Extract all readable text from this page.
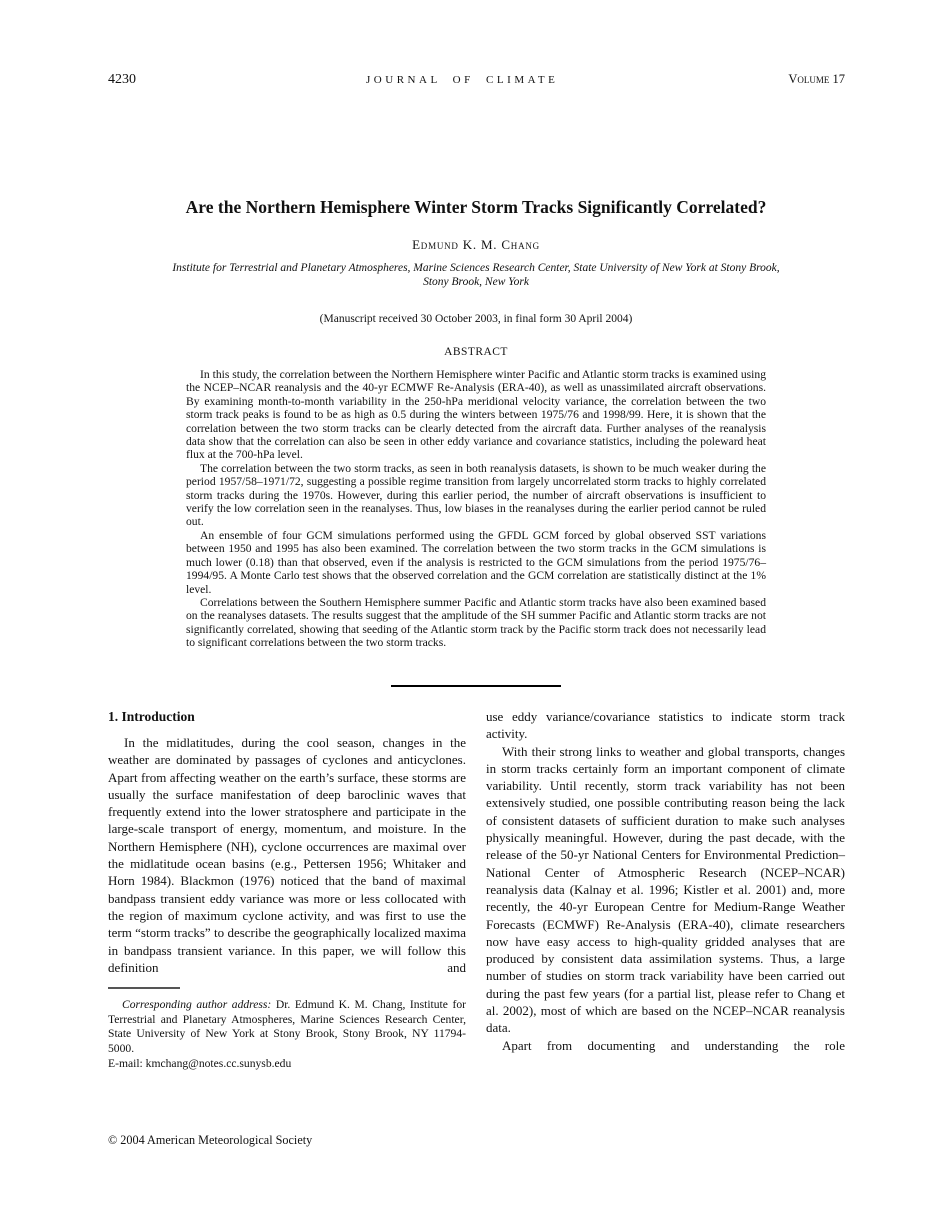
4230	JOURNAL OF CLIMATE	Volume 17
Are the Northern Hemisphere Winter Storm Tracks Significantly Correlated?
Edmund K. M. Chang
Institute for Terrestrial and Planetary Atmospheres, Marine Sciences Research Center, State University of New York at Stony Brook,
Stony Brook, New York
(Manuscript received 30 October 2003, in final form 30 April 2004)
ABSTRACT

In this study, the correlation between the Northern Hemisphere winter Pacific and Atlantic storm tracks is examined using the NCEP–NCAR reanalysis and the 40-yr ECMWF Re-Analysis (ERA-40), as well as unassimilated aircraft observations. By examining month-to-month variability in the 250-hPa meridional velocity variance, the correlation between the two storm track peaks is found to be as high as 0.5 during the winters between 1975/76 and 1998/99. Here, it is shown that the correlation between the two storm tracks can be clearly detected from the aircraft data. Further analyses of the reanalysis data show that the correlation can also be seen in other eddy variance and covariance statistics, including the poleward heat flux at the 700-hPa level.

The correlation between the two storm tracks, as seen in both reanalysis datasets, is shown to be much weaker during the period 1957/58–1971/72, suggesting a possible regime transition from largely uncorrelated storm tracks to highly correlated storm tracks during the 1970s. However, during this earlier period, the number of aircraft observations is insufficient to verify the low correlation seen in the reanalyses. Thus, low biases in the reanalyses during the earlier period cannot be ruled out.

An ensemble of four GCM simulations performed using the GFDL GCM forced by global observed SST variations between 1950 and 1995 has also been examined. The correlation between the two storm tracks in the GCM simulations is much lower (0.18) than that observed, even if the analysis is restricted to the GCM simulations from the period 1975/76–1994/95. A Monte Carlo test shows that the observed correlation and the GCM correlation are statistically distinct at the 1% level.

Correlations between the Southern Hemisphere summer Pacific and Atlantic storm tracks have also been examined based on the reanalyses datasets. The results suggest that the amplitude of the SH summer Pacific and Atlantic storm tracks are not significantly correlated, showing that seeding of the Atlantic storm track by the Pacific storm track does not necessarily lead to significant correlations between the two storm tracks.

1. Introduction

In the midlatitudes, during the cool season, changes in the weather are dominated by passages of cyclones and anticyclones. Apart from affecting weather on the earth’s surface, these storms are usually the surface manifestation of deep baroclinic waves that frequently extend into the lower stratosphere and participate in the large-scale transport of energy, momentum, and moisture. In the Northern Hemisphere (NH), cyclone occurrences are maximal over the midlatitude ocean basins (e.g., Pettersen 1956; Whitaker and Horn 1984). Blackmon (1976) noticed that the band of maximal bandpass transient eddy variance was more or less collocated with the region of maximum cyclone activity, and was first to use the term “storm tracks” to describe the geographically localized maxima in bandpass transient variance. In this paper, we will follow this definition and

Corresponding author address: Dr. Edmund K. M. Chang, Institute for Terrestrial and Planetary Atmospheres, Marine Sciences Research Center, State University of New York at Stony Brook, Stony Brook, NY 11794-5000.

E-mail: kmchang@notes.cc.sunysb.edu

use eddy variance/covariance statistics to indicate storm track activity.

With their strong links to weather and global transports, changes in storm tracks certainly form an important component of climate variability. Until recently, storm track variability has not been extensively studied, one possible contributing reason being the lack of consistent datasets of sufficient duration to make such analyses physically meaningful. However, during the past decade, with the release of the 50-yr National Centers for Environmental Prediction–National Center of Atmospheric Research (NCEP–NCAR) reanalysis data (Kalnay et al. 1996; Kistler et al. 2001) and, more recently, the 40-yr European Centre for Medium-Range Weather Forecasts (ECMWF) Re-Analysis (ERA-40), climate researchers now have easy access to high-quality gridded analyses that are produced by consistent data assimilation systems. Thus, a large number of studies on storm track variability have been carried out during the past few years (for a partial list, please refer to Chang et al. 2002), most of which are based on the NCEP–NCAR reanalysis data.

Apart from documenting and understanding the role

© 2004 American Meteorological Society
